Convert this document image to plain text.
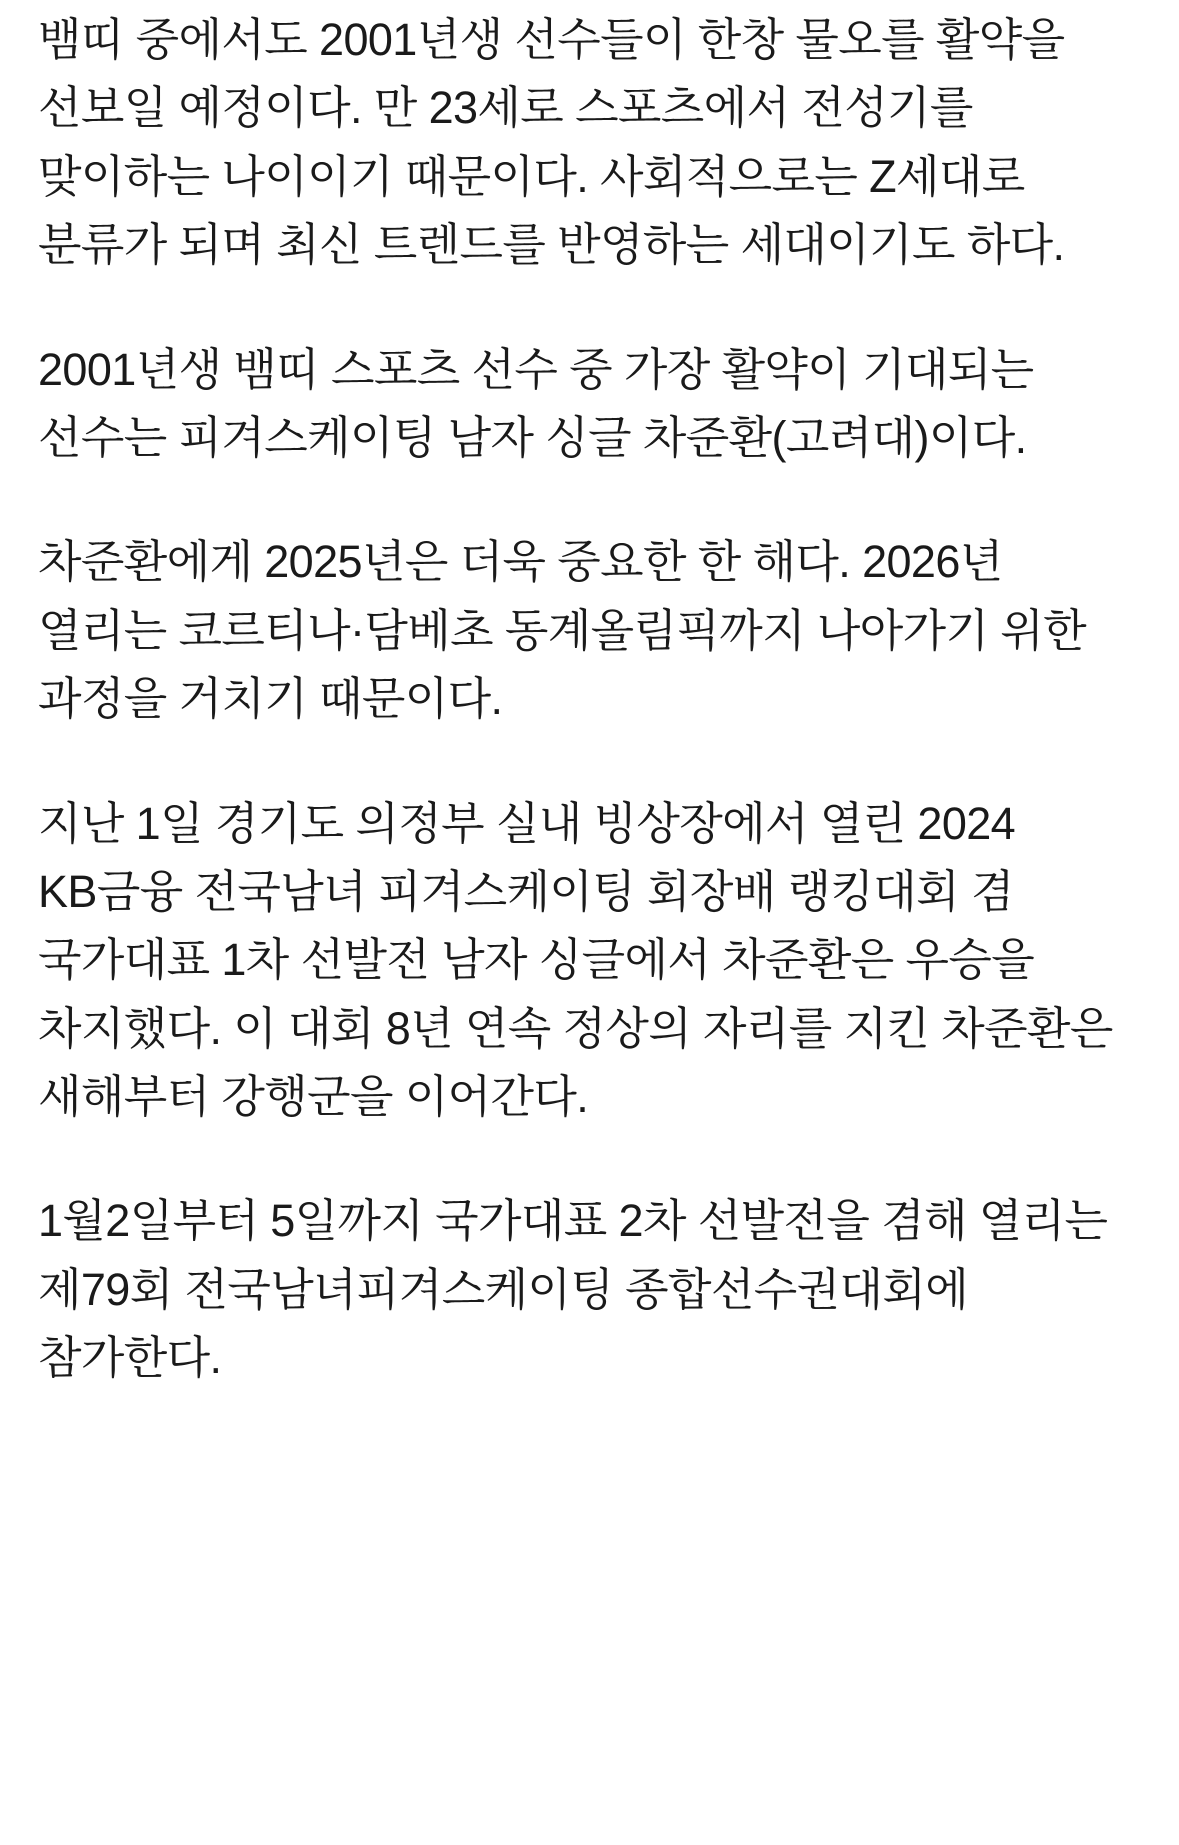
뱀띠 중에서도 2001년생 선수들이 한창 물오를 활약을 선보일 예정이다. 만 23세로 스포츠에서 전성기를 맞이하는 나이이기 때문이다. 사회적으로는 Z세대로 분류가 되며 최신 트렌드를 반영하는 세대이기도 하다.

2001년생 뱀띠 스포츠 선수 중 가장 활약이 기대되는 선수는 피겨스케이팅 남자 싱글 차준환(고려대)이다.

차준환에게 2025년은 더욱 중요한 한 해다. 2026년 열리는 코르티나·담베초 동계올림픽까지 나아가기 위한 과정을 거치기 때문이다.

지난 1일 경기도 의정부 실내 빙상장에서 열린 2024 KB금융 전국남녀 피겨스케이팅 회장배 랭킹대회 겸 국가대표 1차 선발전 남자 싱글에서 차준환은 우승을 차지했다. 이 대회 8년 연속 정상의 자리를 지킨 차준환은 새해부터 강행군을 이어간다.

1월2일부터 5일까지 국가대표 2차 선발전을 겸해 열리는 제79회 전국남녀피겨스케이팅 종합선수권대회에 참가한다.
